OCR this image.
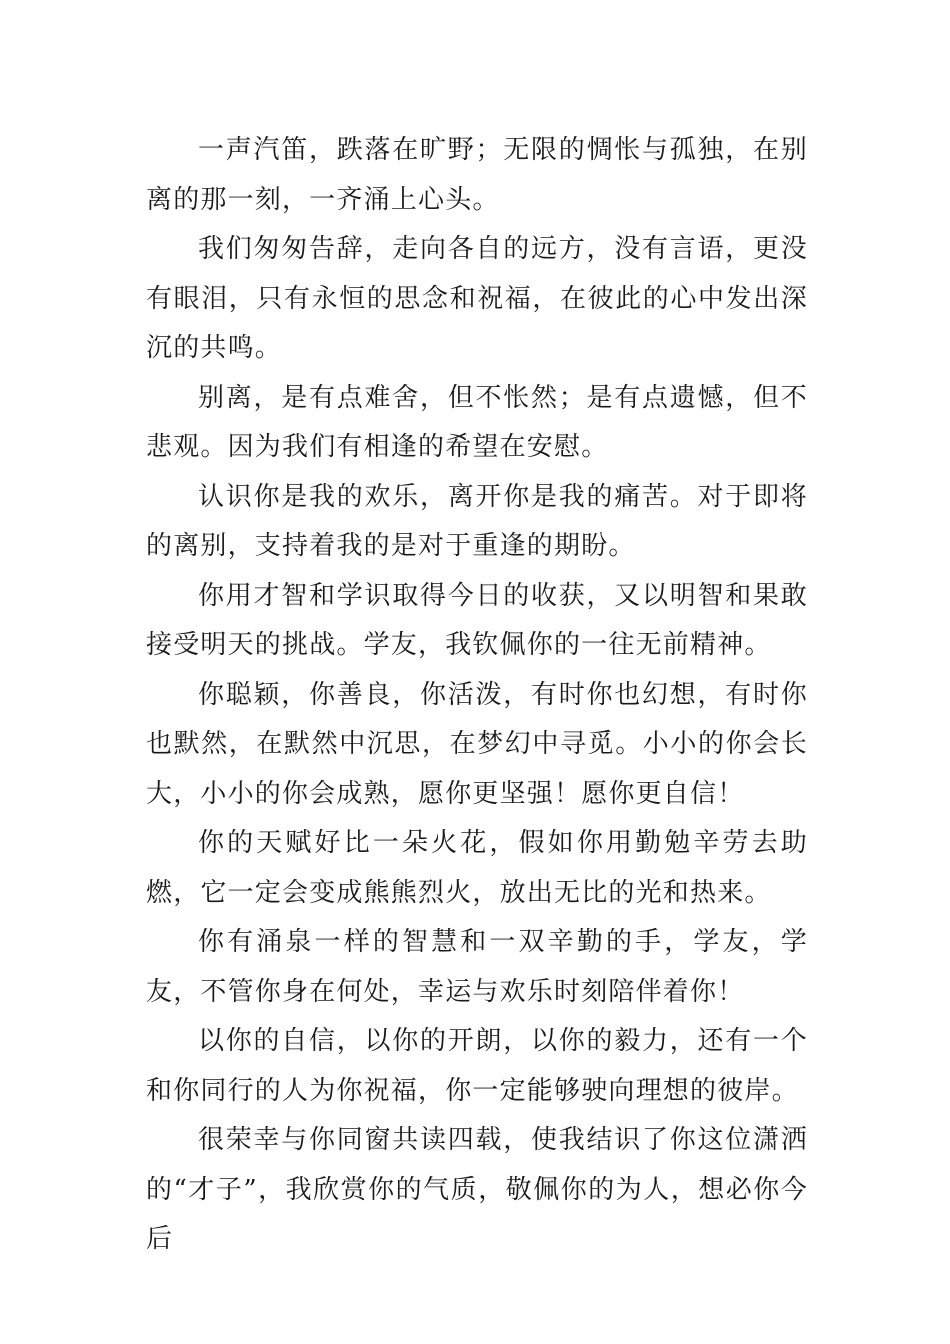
一声汽笛，跌落在旷野；无限的惆怅与孤独，在别离的那一刻，一齐涌上心头。

我们匆匆告辞，走向各自的远方，没有言语，更没有眼泪，只有永恒的思念和祝福，在彼此的心中发出深沉的共鸣。

别离，是有点难舍，但不怅然；是有点遗憾，但不悲观。因为我们有相逢的希望在安慰。

认识你是我的欢乐，离开你是我的痛苦。对于即将的离别，支持着我的是对于重逢的期盼。

你用才智和学识取得今日的收获，又以明智和果敢接受明天的挑战。学友，我钦佩你的一往无前精神。

你聪颖，你善良，你活泼，有时你也幻想，有时你也默然，在默然中沉思，在梦幻中寻觅。小小的你会长大，小小的你会成熟，愿你更坚强！愿你更自信！

你的天赋好比一朵火花，假如你用勤勉辛劳去助燃，它一定会变成熊熊烈火，放出无比的光和热来。

你有涌泉一样的智慧和一双辛勤的手，学友，学友，不管你身在何处，幸运与欢乐时刻陪伴着你！

以你的自信，以你的开朗，以你的毅力，还有一个和你同行的人为你祝福，你一定能够驶向理想的彼岸。

很荣幸与你同窗共读四载，使我结识了你这位潇洒的“才子”，我欣赏你的气质，敬佩你的为人，想必你今后
